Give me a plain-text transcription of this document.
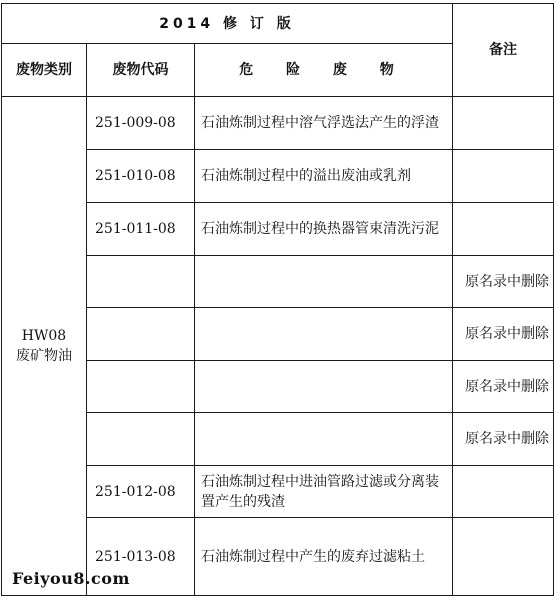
2014 修 订 版			备注
废物类别	废物代码	危 险 废 物	

HW08
废矿物油	251-009-08	石油炼制过程中溶气浮选法产生的浮渣	
	251-010-08	石油炼制过程中的溢出废油或乳剂	
	251-011-08	石油炼制过程中的换热器管束清洗污泥	
			原名录中删除
			原名录中删除
			原名录中删除
			原名录中删除
	251-012-08	石油炼制过程中进油管路过滤或分离装置产生的残渣	
	251-013-08	石油炼制过程中产生的废弃过滤粘土	
Feiyou8.com
